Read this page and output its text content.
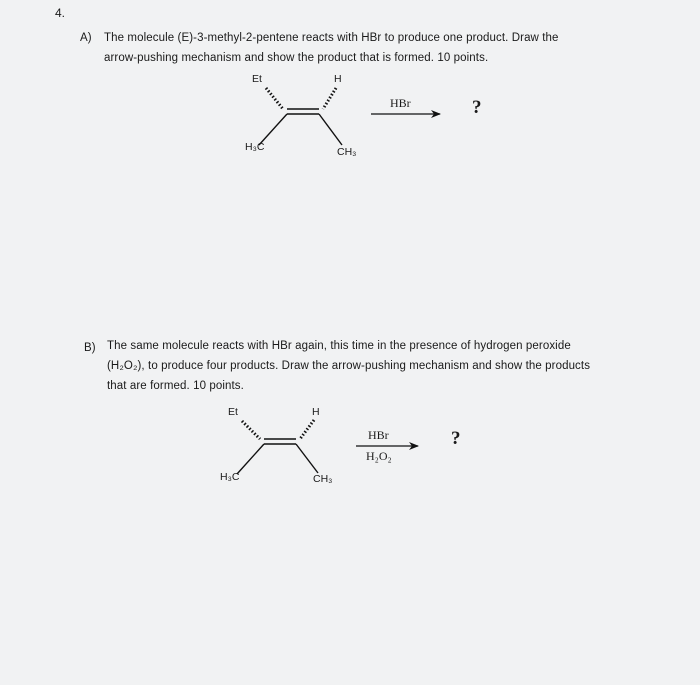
4.
A) The molecule (E)-3-methyl-2-pentene reacts with HBr to produce one product. Draw the
arrow-pushing mechanism and show the product that is formed. 10 points.
Et	H
H₃C	CH₃
HBr	?
B) The same molecule reacts with HBr again, this time in the presence of hydrogen peroxide
(H₂O₂), to produce four products. Draw the arrow-pushing mechanism and show the products
that are formed. 10 points.
Et	H
H₃C	CH₃
HBr
H₂O₂
?
